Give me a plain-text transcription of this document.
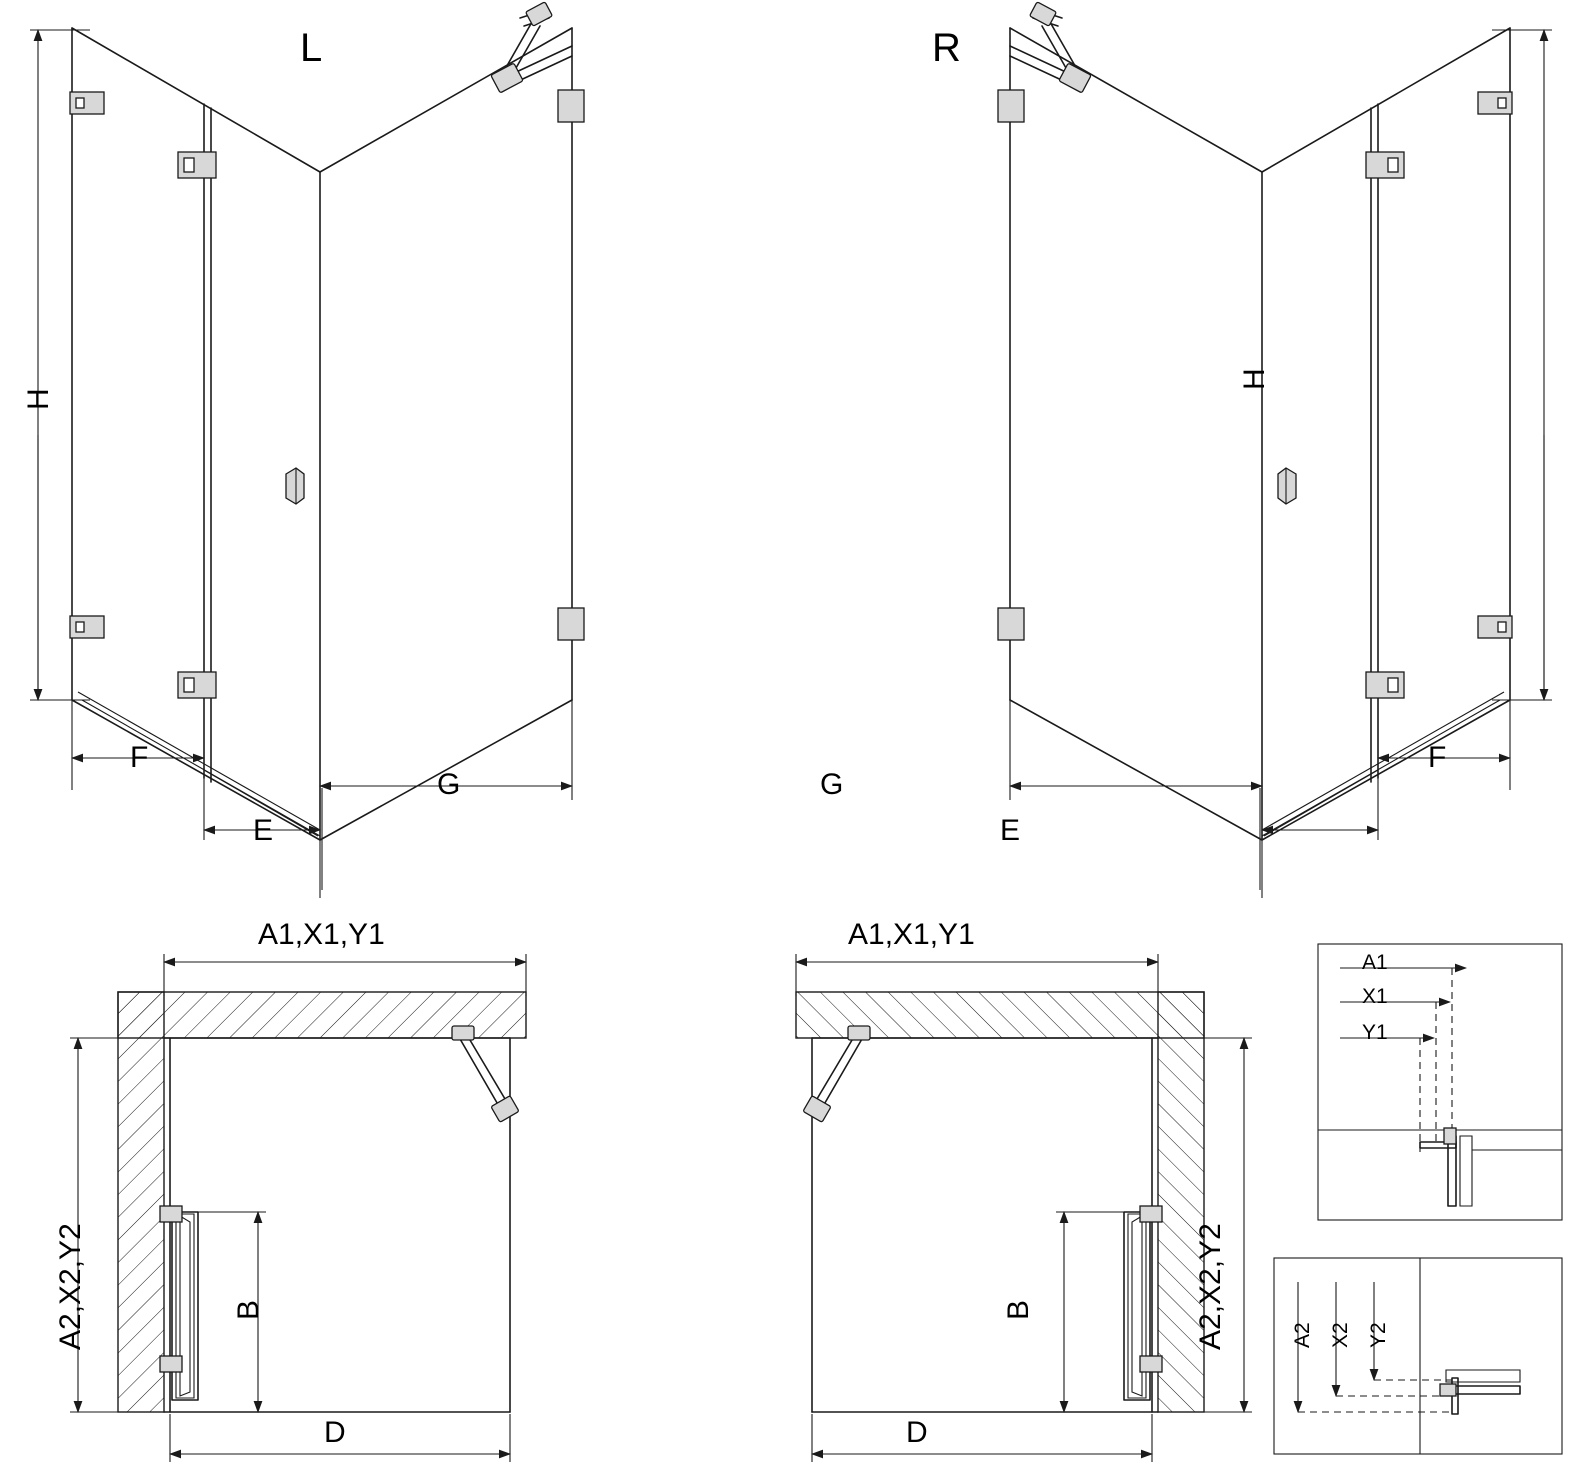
L	R
H
H
F
E
G
F
E
G
A1,X1,Y1
A2,X2,Y2	B
D
A1,X1,Y1
A2,X2,Y2
B
D
A1
X1
Y1
A2 X2 Y2
